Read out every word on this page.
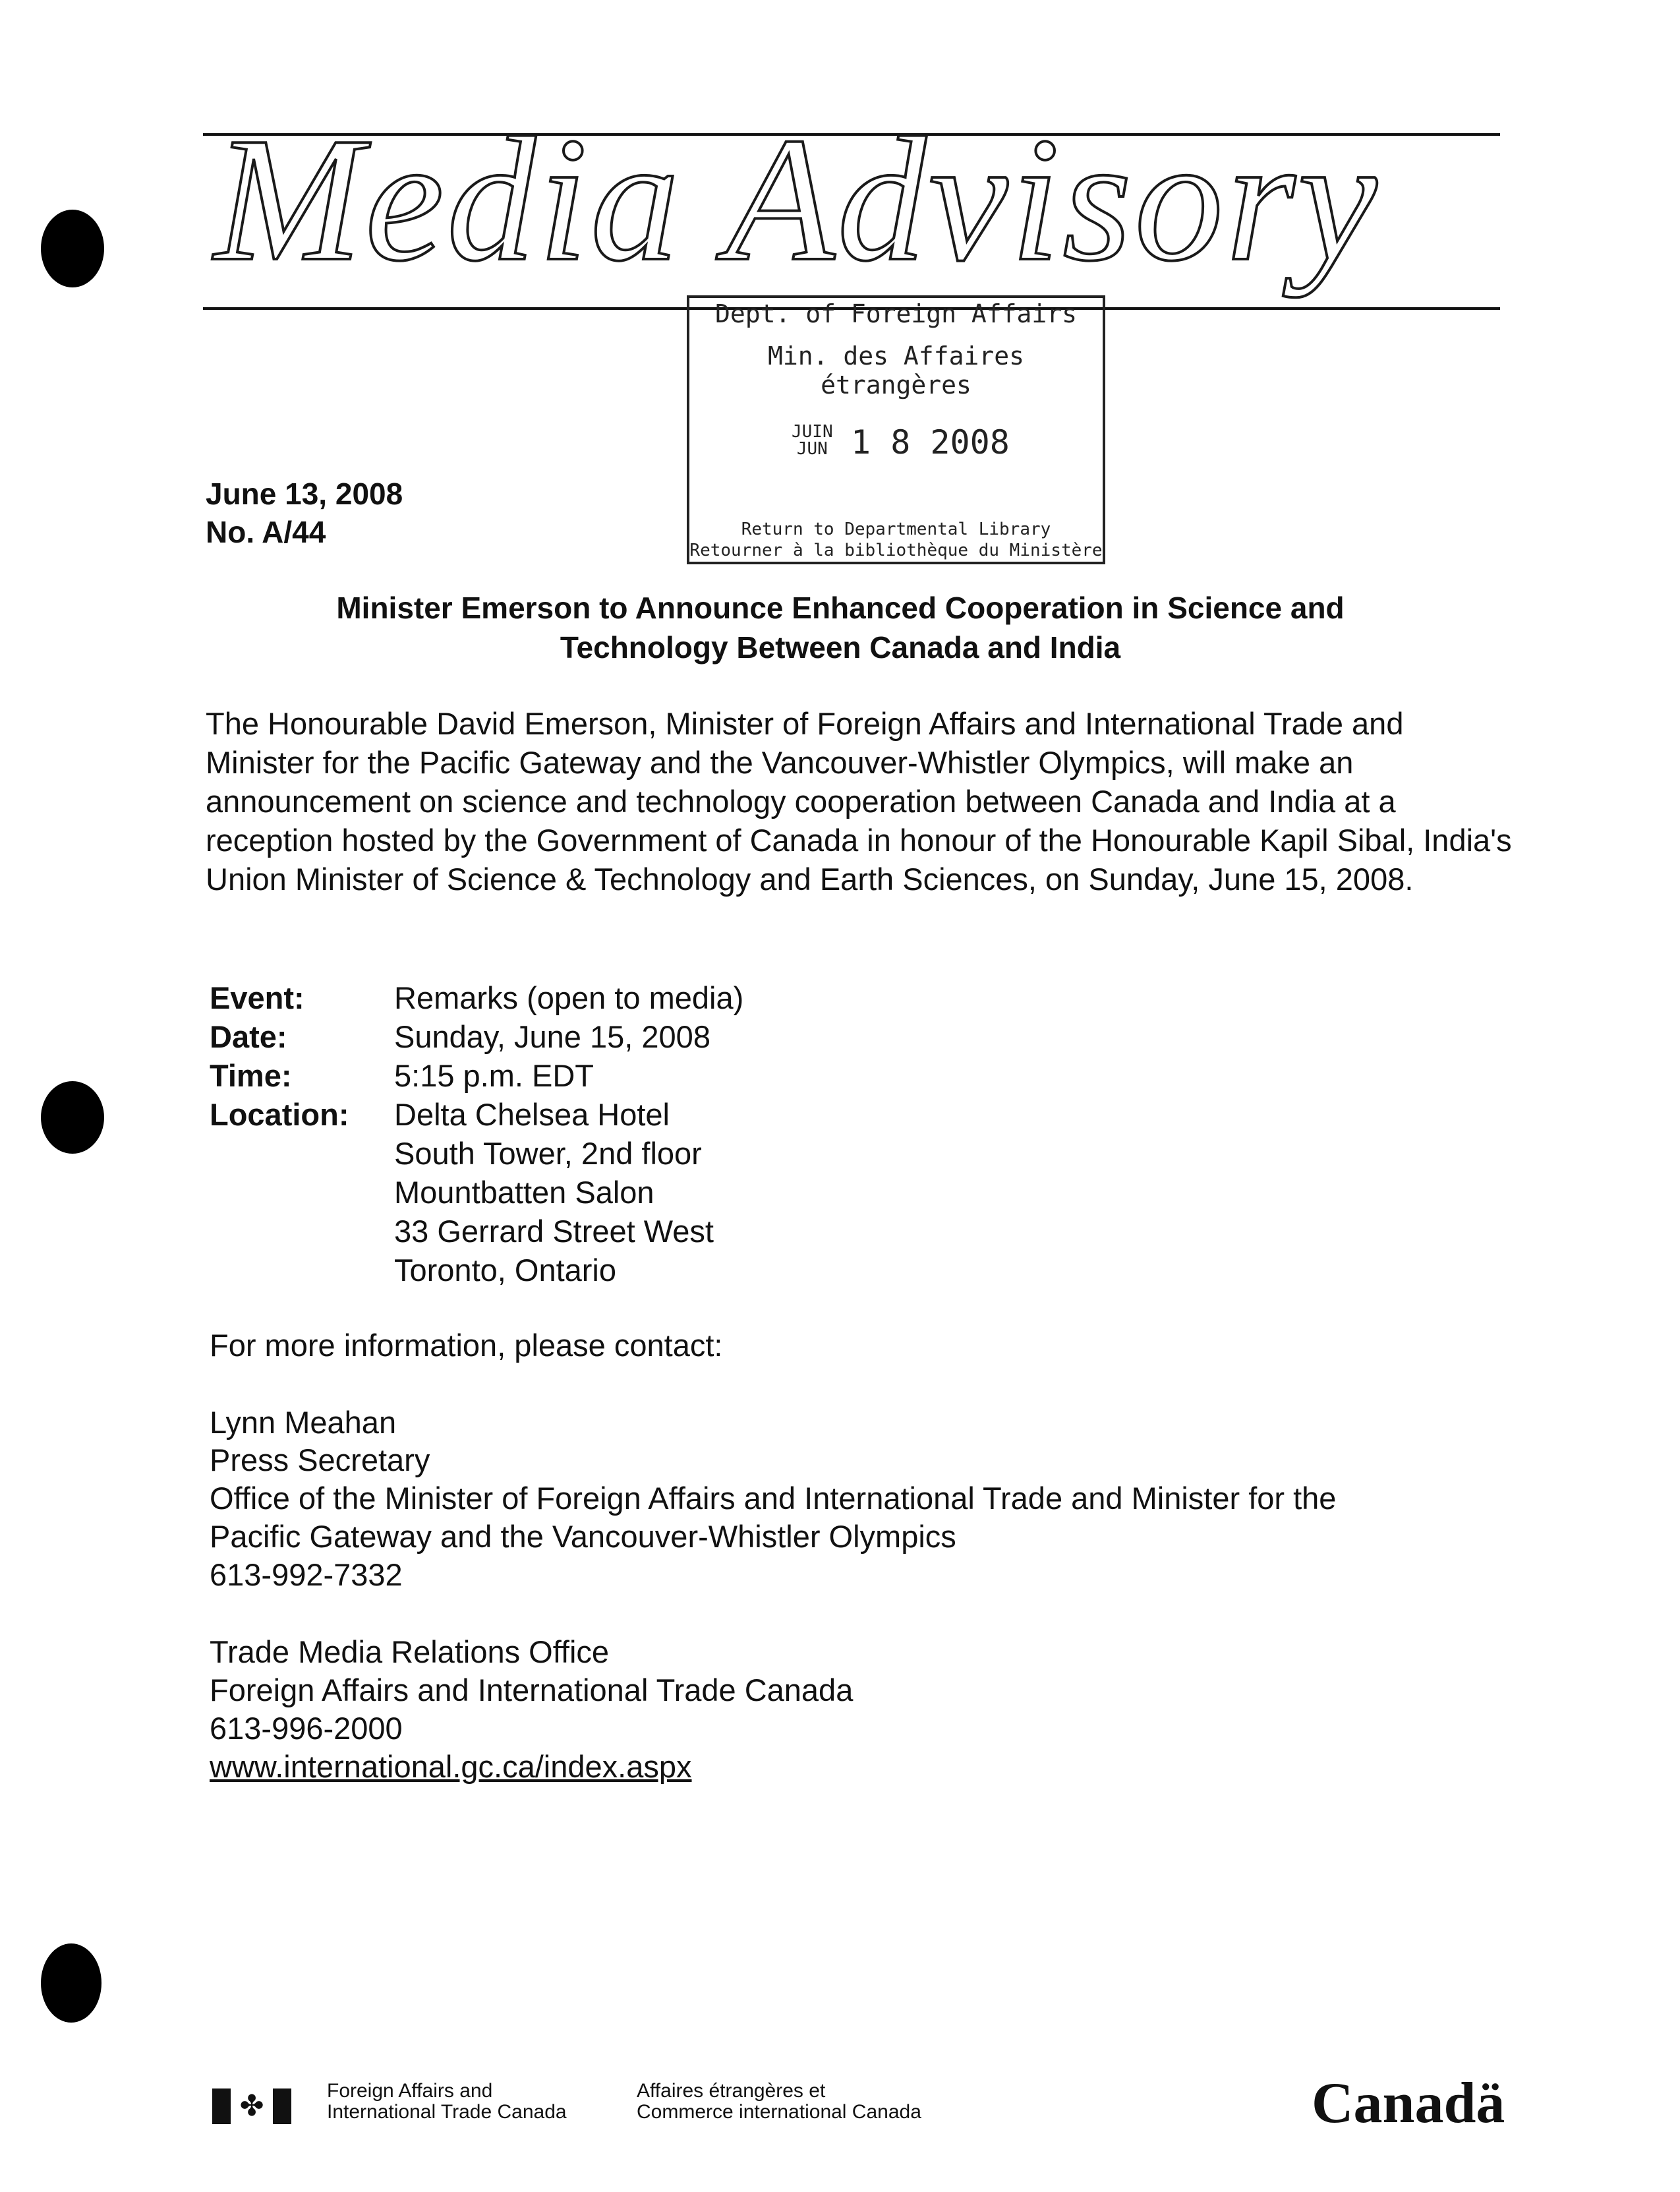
Media Advisory
Dept. of Foreign Affairs
Min. des Affaires étrangères
JUIN
JUN 1 8 2008
Return to Departmental Library
Retourner à la bibliothèque du Ministère
June 13, 2008
No. A/44
Minister Emerson to Announce Enhanced Cooperation in Science and
Technology Between Canada and India
The Honourable David Emerson, Minister of Foreign Affairs and International Trade and Minister for the Pacific Gateway and the Vancouver-Whistler Olympics, will make an announcement on science and technology cooperation between Canada and India at a reception hosted by the Government of Canada in honour of the Honourable Kapil Sibal, India's Union Minister of Science & Technology and Earth Sciences, on Sunday, June 15, 2008.
Event:	Remarks (open to media)
Date:	Sunday, June 15, 2008
Time:	5:15 p.m. EDT
Location: Delta Chelsea Hotel
South Tower, 2nd floor
Mountbatten Salon
33 Gerrard Street West
Toronto, Ontario
For more information, please contact:
Lynn Meahan
Press Secretary
Office of the Minister of Foreign Affairs and International Trade and Minister for the
Pacific Gateway and the Vancouver-Whistler Olympics
613-992-7332
Trade Media Relations Office
Foreign Affairs and International Trade Canada
613-996-2000
www.international.gc.ca/index.aspx
✤	Foreign Affairs and
International Trade Canada
Affaires étrangères et
Commerce international Canada	Canadä
